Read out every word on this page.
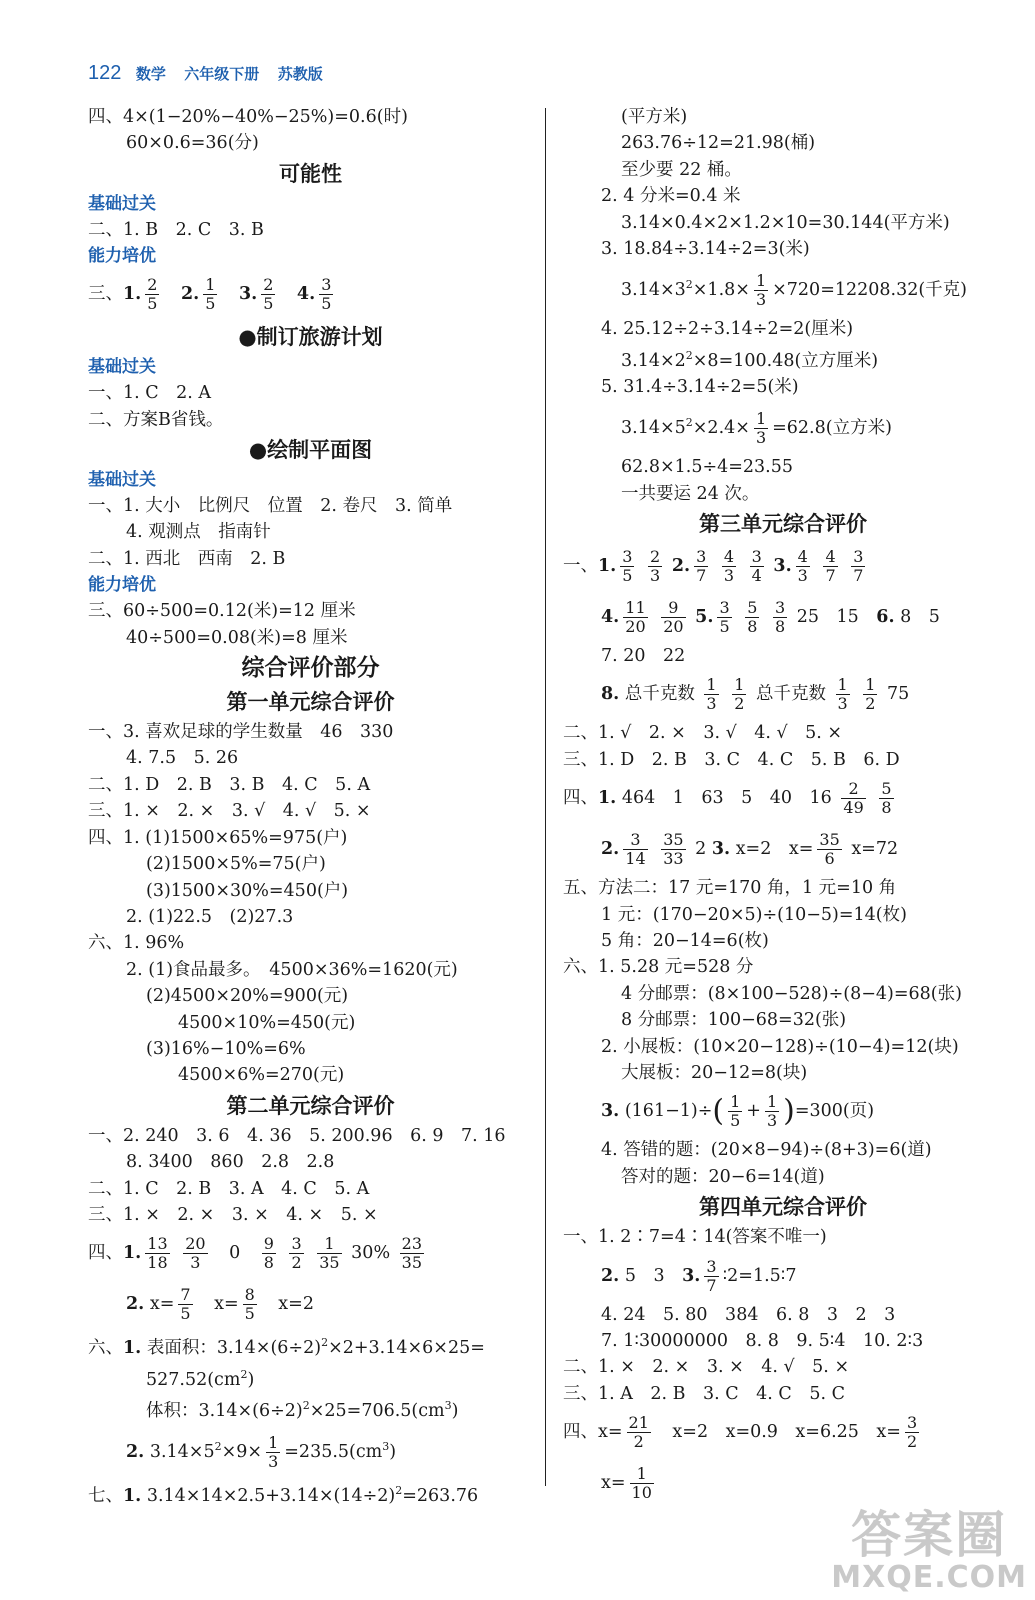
122 数学 六年级下册 苏教版
四、4×(1−20%−40%−25%)=0.6(时)
60×0.6=36(分)
可能性
基础过关
二、1. B　2. C　3. B
能力培优
三、1. $\frac{2}{5}$
　 2. $\frac{1}{5}$
　 3. $\frac{2}{5}$
　 4. $\frac{3}{5}$
●制订旅游计划
基础过关
一、1. C　2. A
二、方案B省钱。
●绘制平面图
基础过关
一、1. 大小　比例尺　位置　2. 卷尺　3. 简单
4. 观测点　指南针
二、1. 西北　西南　2. B
能力培优
三、60÷500=0.12(米)=12 厘米
40÷500=0.08(米)=8 厘米
综合评价部分
第一单元综合评价
一、3. 喜欢足球的学生数量　46　330
4. 7.5　5. 26
二、1. D　2. B　3. B　4. C　5. A
三、1. ×　2. ×　3. √　4. √　5. ×
四、1. (1)1500×65%=975(户)
(2)1500×5%=75(户)
(3)1500×30%=450(户)
2. (1)22.5　(2)27.3
六、1. 96%
2. (1)食品最多。　4500×36%=1620(元)
(2)4500×20%=900(元)
4500×10%=450(元)
(3)16%−10%=6%
4500×6%=270(元)
第二单元综合评价
一、2. 240　3. 6　4. 36　5. 200.96　6. 9　7. 16
8. 3400　860　2.8　2.8
二、1. C　2. B　3. A　4. C　5. A
三、1. ×　2. ×　3. ×　4. ×　5. ×
四、1. $\frac{13}{18}$
$\frac{20}{3}$ 　0　 $\frac{9}{8}$
$\frac{3}{2}$
$\frac{1}{35} 30\% \frac{23}{35}$
2. $x= \frac{7}{5}$ 　$x= \frac{8}{5}$ 　x=2
六、1. 表面积：$3.14\times(6\div 2)^2\times 2+3.14\times 6\times 25=$
$527.52(cm^2)$
体积：$3.14\times(6\div 2)^2\times 25=706.5(cm^3)$
2. $3.14\times 5^2\times 9\times \frac{1}{3} =235.5(cm^3)$
七、1. $3.14\times 14\times 2.5+3.14\times(14\div 2)^2=263.76$
(平方米)
263.76÷12=21.98(桶)
至少要 22 桶。
2. 4 分米=0.4 米
3.14×0.4×2×1.2×10=30.144(平方米)
3. 18.84÷3.14÷2=3(米)
$3.14\times 3^2\times 1.8\times \frac{1}{3} \times 720=12208.32$(千克)
4. 25.12÷2÷3.14÷2=2(厘米)
$3.14\times 2^2\times 8=100.48$(立方厘米)
5. 31.4÷3.14÷2=5(米)
$3.14\times 5^2\times 2.4\times \frac{1}{3} =62.8$(立方米)
62.8×1.5÷4=23.55
一共要运 24 次。
第三单元综合评价
一、1. $\frac{3}{5}$
$\frac{2}{3} 2$. $\frac{3}{7}$
$\frac{4}{3}$
$\frac{3}{4} 3$. $\frac{4}{3}$
$\frac{4}{7}$
$\frac{3}{7}$
4. $\frac{11}{20}$
$\frac{9}{20} 5$. $\frac{3}{5}$
$\frac{5}{8}$
$\frac{3}{8} 25$　15　6. 8　5
7. 20　22
8. 总千克数 $\frac{1}{3}$
$\frac{1}{2}$ 总千克数 $\frac{1}{3}$
$\frac{1}{2} 75$
二、1. √　2. ×　3. √　4. √　5. ×
三、1. D　2. B　3. C　4. C　5. B　6. D
四、1. 464　1　63　5　40　$16 \frac{2}{49}$
$\frac{5}{8}$
2. $\frac{3}{14}$
$\frac{35}{33} 2$ 3. x=2　$x= \frac{35}{6} x=72$
五、方法二：17 元=170 角，1 元=10 角
1 元：(170−20×5)÷(10−5)=14(枚)
5 角：20−14=6(枚)
六、1. 5.28 元=528 分
4 分邮票：(8×100−528)÷(8−4)=68(张)
8 分邮票：100−68=32(张)
2. 小展板：(10×20−128)÷(10−4)=12(块)
大展板：20−12=8(块)
3. $(161-1)\div( \frac{1}{5} + \frac{1}{3} )=300$(页)
4. 答错的题：(20×8−94)÷(8+3)=6(道)
答对的题：20−6=14(道)
第四单元综合评价
一、1. 2∶7=4∶14(答案不唯一)
2. 5　3　3. $\frac{3}{7}$ ∶2=1.5∶7
4. 24　5. 80　384　6. 8　3　2　3
7. 1∶30000000　8. 8　9. 5∶4　10. 2∶3
二、1. ×　2. ×　3. ×　4. √　5. ×
三、1. A　2. B　3. C　4. C　5. C
四、$x= \frac{21}{2}$ 　x=2　x=0.9　x=6.25　$x= \frac{3}{2}$
$x= \frac{1}{10}$
答案圈
MXQE.COM
